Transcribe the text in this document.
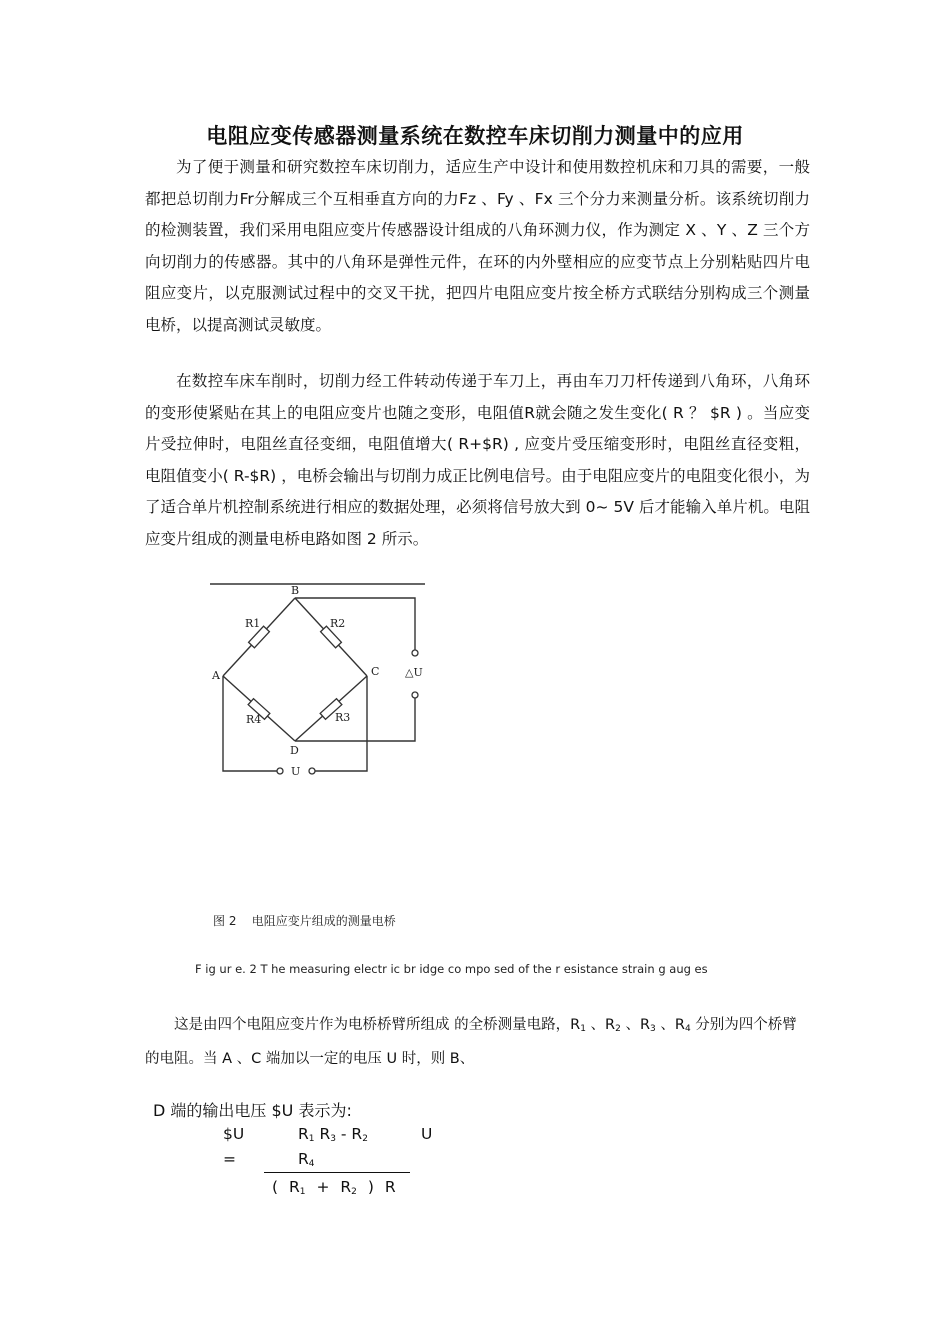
电阻应变传感器测量系统在数控车床切削力测量中的应用

为了便于测量和研究数控车床切削力，适应生产中设计和使用数控机床和刀具的需要，一般都把总切削力Fr分解成三个互相垂直方向的力Fz 、Fy 、Fx 三个分力来测量分析。该系统切削力的检测装置，我们采用电阻应变片传感器设计组成的八角环测力仪，作为测定 X 、Y 、Z 三个方向切削力的传感器。其中的八角环是弹性元件，在环的内外壁相应的应变节点上分别粘贴四片电阻应变片，以克服测试过程中的交叉干扰，把四片电阻应变片按全桥方式联结分别构成三个测量电桥，以提高测试灵敏度。

在数控车床车削时，切削力经工件转动传递于车刀上，再由车刀刀杆传递到八角环，八角环的变形使紧贴在其上的电阻应变片也随之变形，电阻值R就会随之发生变化( R ？ $R ) 。当应变片受拉伸时，电阻丝直径变细，电阻值增大( R+$R) , 应变片受压缩变形时，电阻丝直径变粗，电阻值变小( R-$R) ，电桥会输出与切削力成正比例电信号。由于电阻应变片的电阻变化很小，为了适合单片机控制系统进行相应的数据处理，必须将信号放大到 0~ 5V 后才能输入单片机。电阻应变片组成的测量电桥电路如图 2 所示。

B
A	C
D
R1	R2
R3
R4
△U
U
图 2    电阻应变片组成的测量电桥
F ig ur e. 2 T he measuring electr ic br idge co mpo sed of the r esistance strain g aug es

这是由四个电阻应变片作为电桥桥臂所组成 的全桥测量电路，$R_1$ 、$R_2$ 、$R_3$ 、$R_4$ 分别为四个桥臂 的电阻。当 A 、C 端加以一定的电压 U 时，则 B、

D 端的输出电压 $U 表示为:
$U
=
$R_1$ $R_3 - R_2$	U
$R_4$
( $R_1 + R_2$ ) R
